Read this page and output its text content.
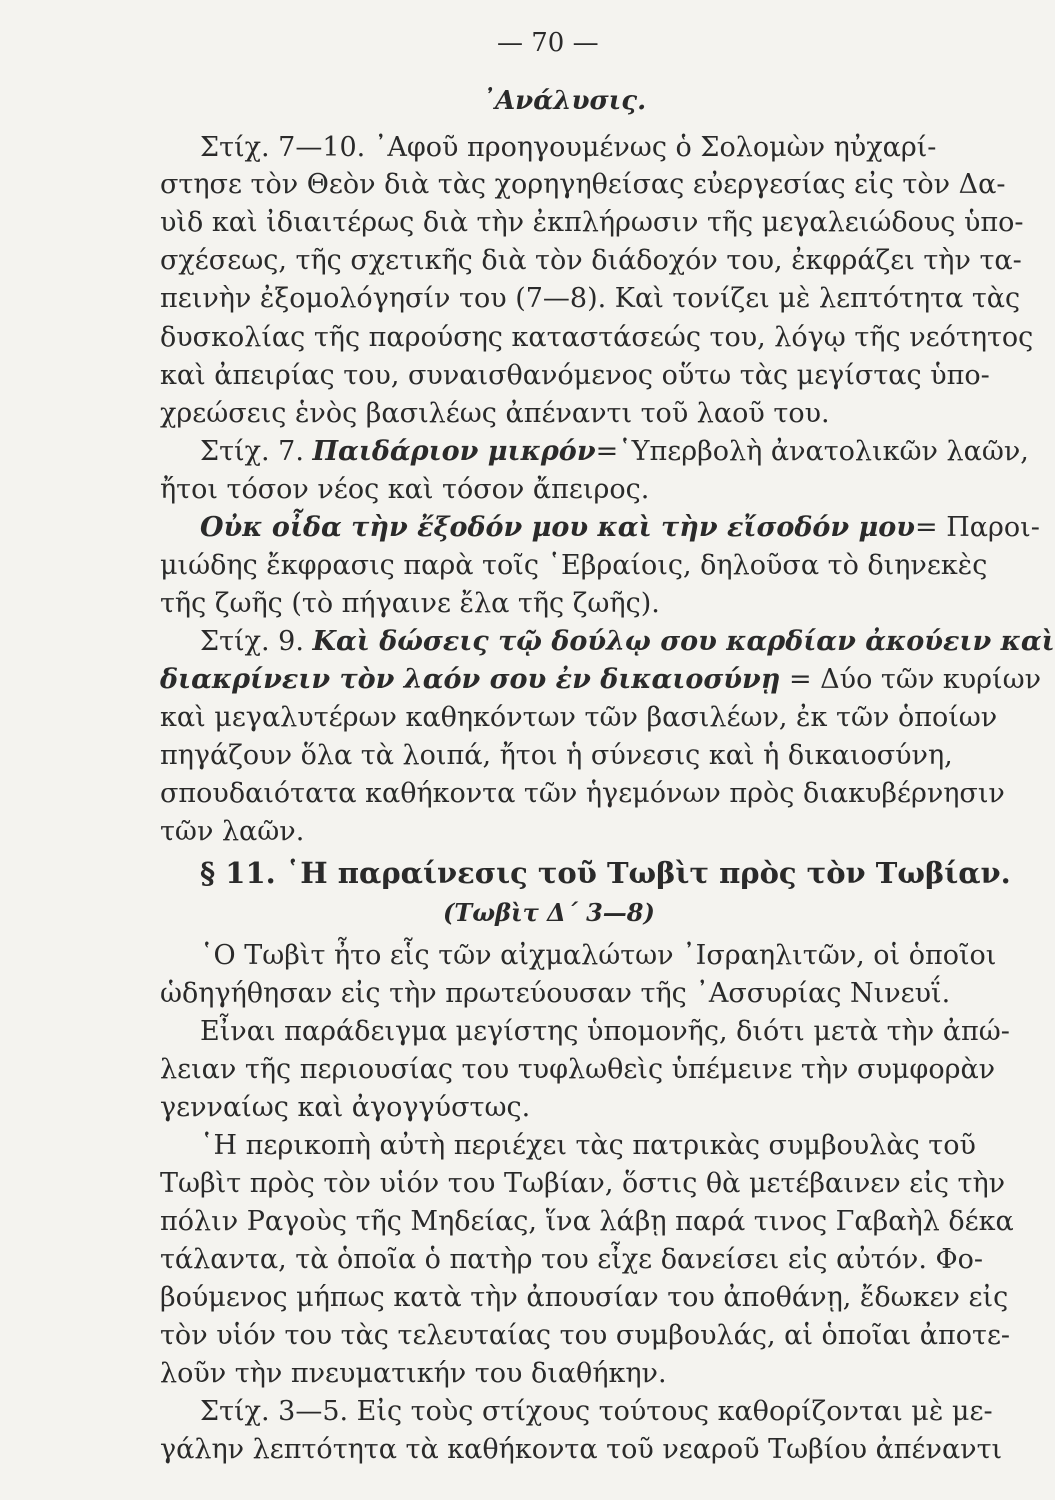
— 70 —
᾿Ανάλυσις.
Στίχ. 7—10. ᾿Αφοῦ προηγουμένως ὁ Σολομὼν ηὐχαρί-
στησε τὸν Θεὸν διὰ τὰς χορηγηθείσας εὐεργεσίας εἰς τὸν Δα-
υὶδ καὶ ἰδιαιτέρως διὰ τὴν ἐκπλήρωσιν τῆς μεγαλειώδους ὑπο-
σχέσεως, τῆς σχετικῆς διὰ τὸν διάδοχόν του, ἐκφράζει τὴν τα-
πεινὴν ἐξομολόγησίν του (7—8). Καὶ τονίζει μὲ λεπτότητα τὰς
δυσκολίας τῆς παρούσης καταστάσεώς του, λόγῳ τῆς νεότητος
καὶ ἀπειρίας του, συναισθανόμενος οὕτω τὰς μεγίστας ὑπο-
χρεώσεις ἑνὸς βασιλέως ἀπέναντι τοῦ λαοῦ του.
Στίχ. 7. Παιδάριον μικρόν=῾Υπερβολὴ ἀνατολικῶν λαῶν,
ἤτοι τόσον νέος καὶ τόσον ἄπειρος.
Οὐκ οἶδα τὴν ἔξοδόν μου καὶ τὴν εἴσοδόν μου= Παροι-
μιώδης ἔκφρασις παρὰ τοῖς ῾Εβραίοις, δηλοῦσα τὸ διηνεκὲς
τῆς ζωῆς (τὸ πήγαινε ἔλα τῆς ζωῆς).
Στίχ. 9. Καὶ δώσεις τῷ δούλῳ σου καρδίαν ἀκούειν καὶ
διακρίνειν τὸν λαόν σου ἐν δικαιοσύνῃ = Δύο τῶν κυρίων
καὶ μεγαλυτέρων καθηκόντων τῶν βασιλέων, ἐκ τῶν ὁποίων
πηγάζουν ὅλα τὰ λοιπά, ἤτοι ἡ σύνεσις καὶ ἡ δικαιοσύνη,
σπουδαιότατα καθήκοντα τῶν ἡγεμόνων πρὸς διακυβέρνησιν
τῶν λαῶν.
§ 11. ῾Η παραίνεσις τοῦ Τωβὶτ πρὸς τὸν Τωβίαν.
(Τωβὶτ Δ´ 3—8)
῾Ο Τωβὶτ ἦτο εἷς τῶν αἰχμαλώτων ᾿Ισραηλιτῶν, οἱ ὁποῖοι
ὡδηγήθησαν εἰς τὴν πρωτεύουσαν τῆς ᾿Ασσυρίας Νινευΐ.
Εἶναι παράδειγμα μεγίστης ὑπομονῆς, διότι μετὰ τὴν ἀπώ-
λειαν τῆς περιουσίας του τυφλωθεὶς ὑπέμεινε τὴν συμφορὰν
γενναίως καὶ ἀγογγύστως.
῾Η περικοπὴ αὐτὴ περιέχει τὰς πατρικὰς συμβουλὰς τοῦ
Τωβὶτ πρὸς τὸν υἱόν του Τωβίαν, ὅστις θὰ μετέβαινεν εἰς τὴν
πόλιν Ραγοὺς τῆς Μηδείας, ἵνα λάβῃ παρά τινος Γαβαὴλ δέκα
τάλαντα, τὰ ὁποῖα ὁ πατὴρ του εἶχε δανείσει εἰς αὐτόν. Φο-
βούμενος μήπως κατὰ τὴν ἀπουσίαν του ἀποθάνῃ, ἔδωκεν εἰς
τὸν υἱόν του τὰς τελευταίας του συμβουλάς, αἱ ὁποῖαι ἀποτε-
λοῦν τὴν πνευματικήν του διαθήκην.
Στίχ. 3—5. Εἰς τοὺς στίχους τούτους καθορίζονται μὲ με-
γάλην λεπτότητα τὰ καθήκοντα τοῦ νεαροῦ Τωβίου ἀπέναντι
